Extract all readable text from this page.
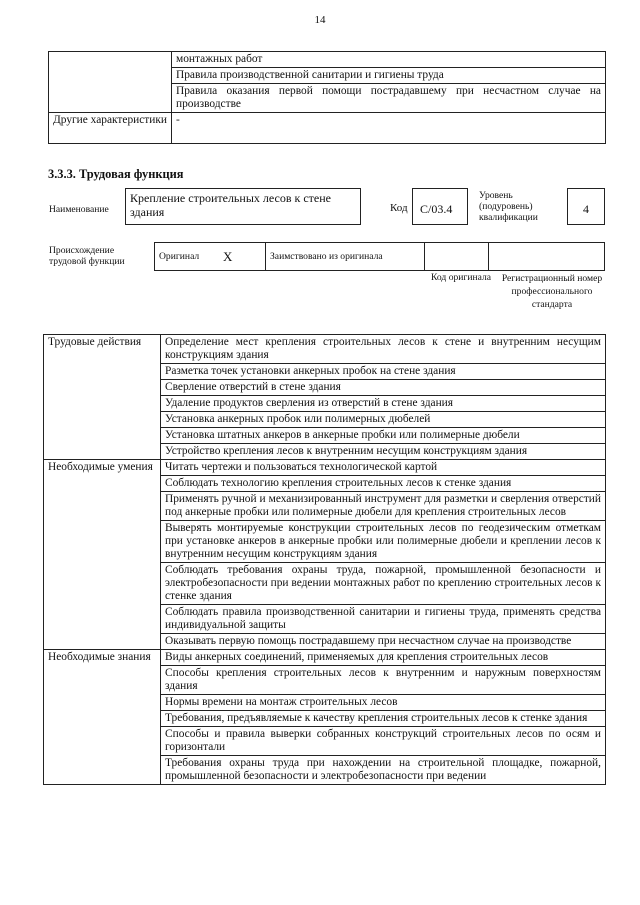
14
	монтажных работ
	Правила производственной санитарии и гигиены труда
	Правила оказания первой помощи пострадавшему при несчастном случае на производстве
Другие характеристики	-
3.3.3. Трудовая функция
Наименование
Крепление строительных лесов к стене здания	Код	С/03.4
Уровень (подуровень) квалификации
4
Происхождение трудовой функции	Оригинал	X	Заимствовано из оригинала		
Код оригинала	Регистрационный номер профессионального стандарта
Трудовые действия	Определение мест крепления строительных лесов к стене и внутренним несущим конструкциям здания
	Разметка точек установки анкерных пробок на стене здания
	Сверление отверстий в стене здания
	Удаление продуктов сверления из отверстий в стене здания
	Установка анкерных пробок или полимерных дюбелей
	Установка штатных анкеров в анкерные пробки или полимерные дюбели
	Устройство крепления лесов к внутренним несущим конструкциям здания
Необходимые умения	Читать чертежи и пользоваться технологической картой
	Соблюдать технологию крепления строительных лесов к стенке здания
	Применять ручной и механизированный инструмент для разметки и сверления отверстий под анкерные пробки или полимерные дюбели для крепления строительных лесов
	Выверять монтируемые конструкции строительных лесов по геодезическим отметкам при установке анкеров в анкерные пробки или полимерные дюбели и креплении лесов к внутренним несущим конструкциям здания
	Соблюдать требования охраны труда, пожарной, промышленной безопасности и электробезопасности при ведении монтажных работ по креплению строительных лесов к стенке здания
	Соблюдать правила производственной санитарии и гигиены труда, применять средства индивидуальной защиты
	Оказывать первую помощь пострадавшему при несчастном случае на производстве
Необходимые знания	Виды анкерных соединений, применяемых для крепления строительных лесов
	Способы крепления строительных лесов к внутренним и наружным поверхностям здания
	Нормы времени на монтаж строительных лесов
	Требования, предъявляемые к качеству крепления строительных лесов к стенке здания
	Способы и правила выверки собранных конструкций строительных лесов по осям и горизонтали
	Требования охраны труда при нахождении на строительной площадке, пожарной, промышленной безопасности и электробезопасности при ведении
